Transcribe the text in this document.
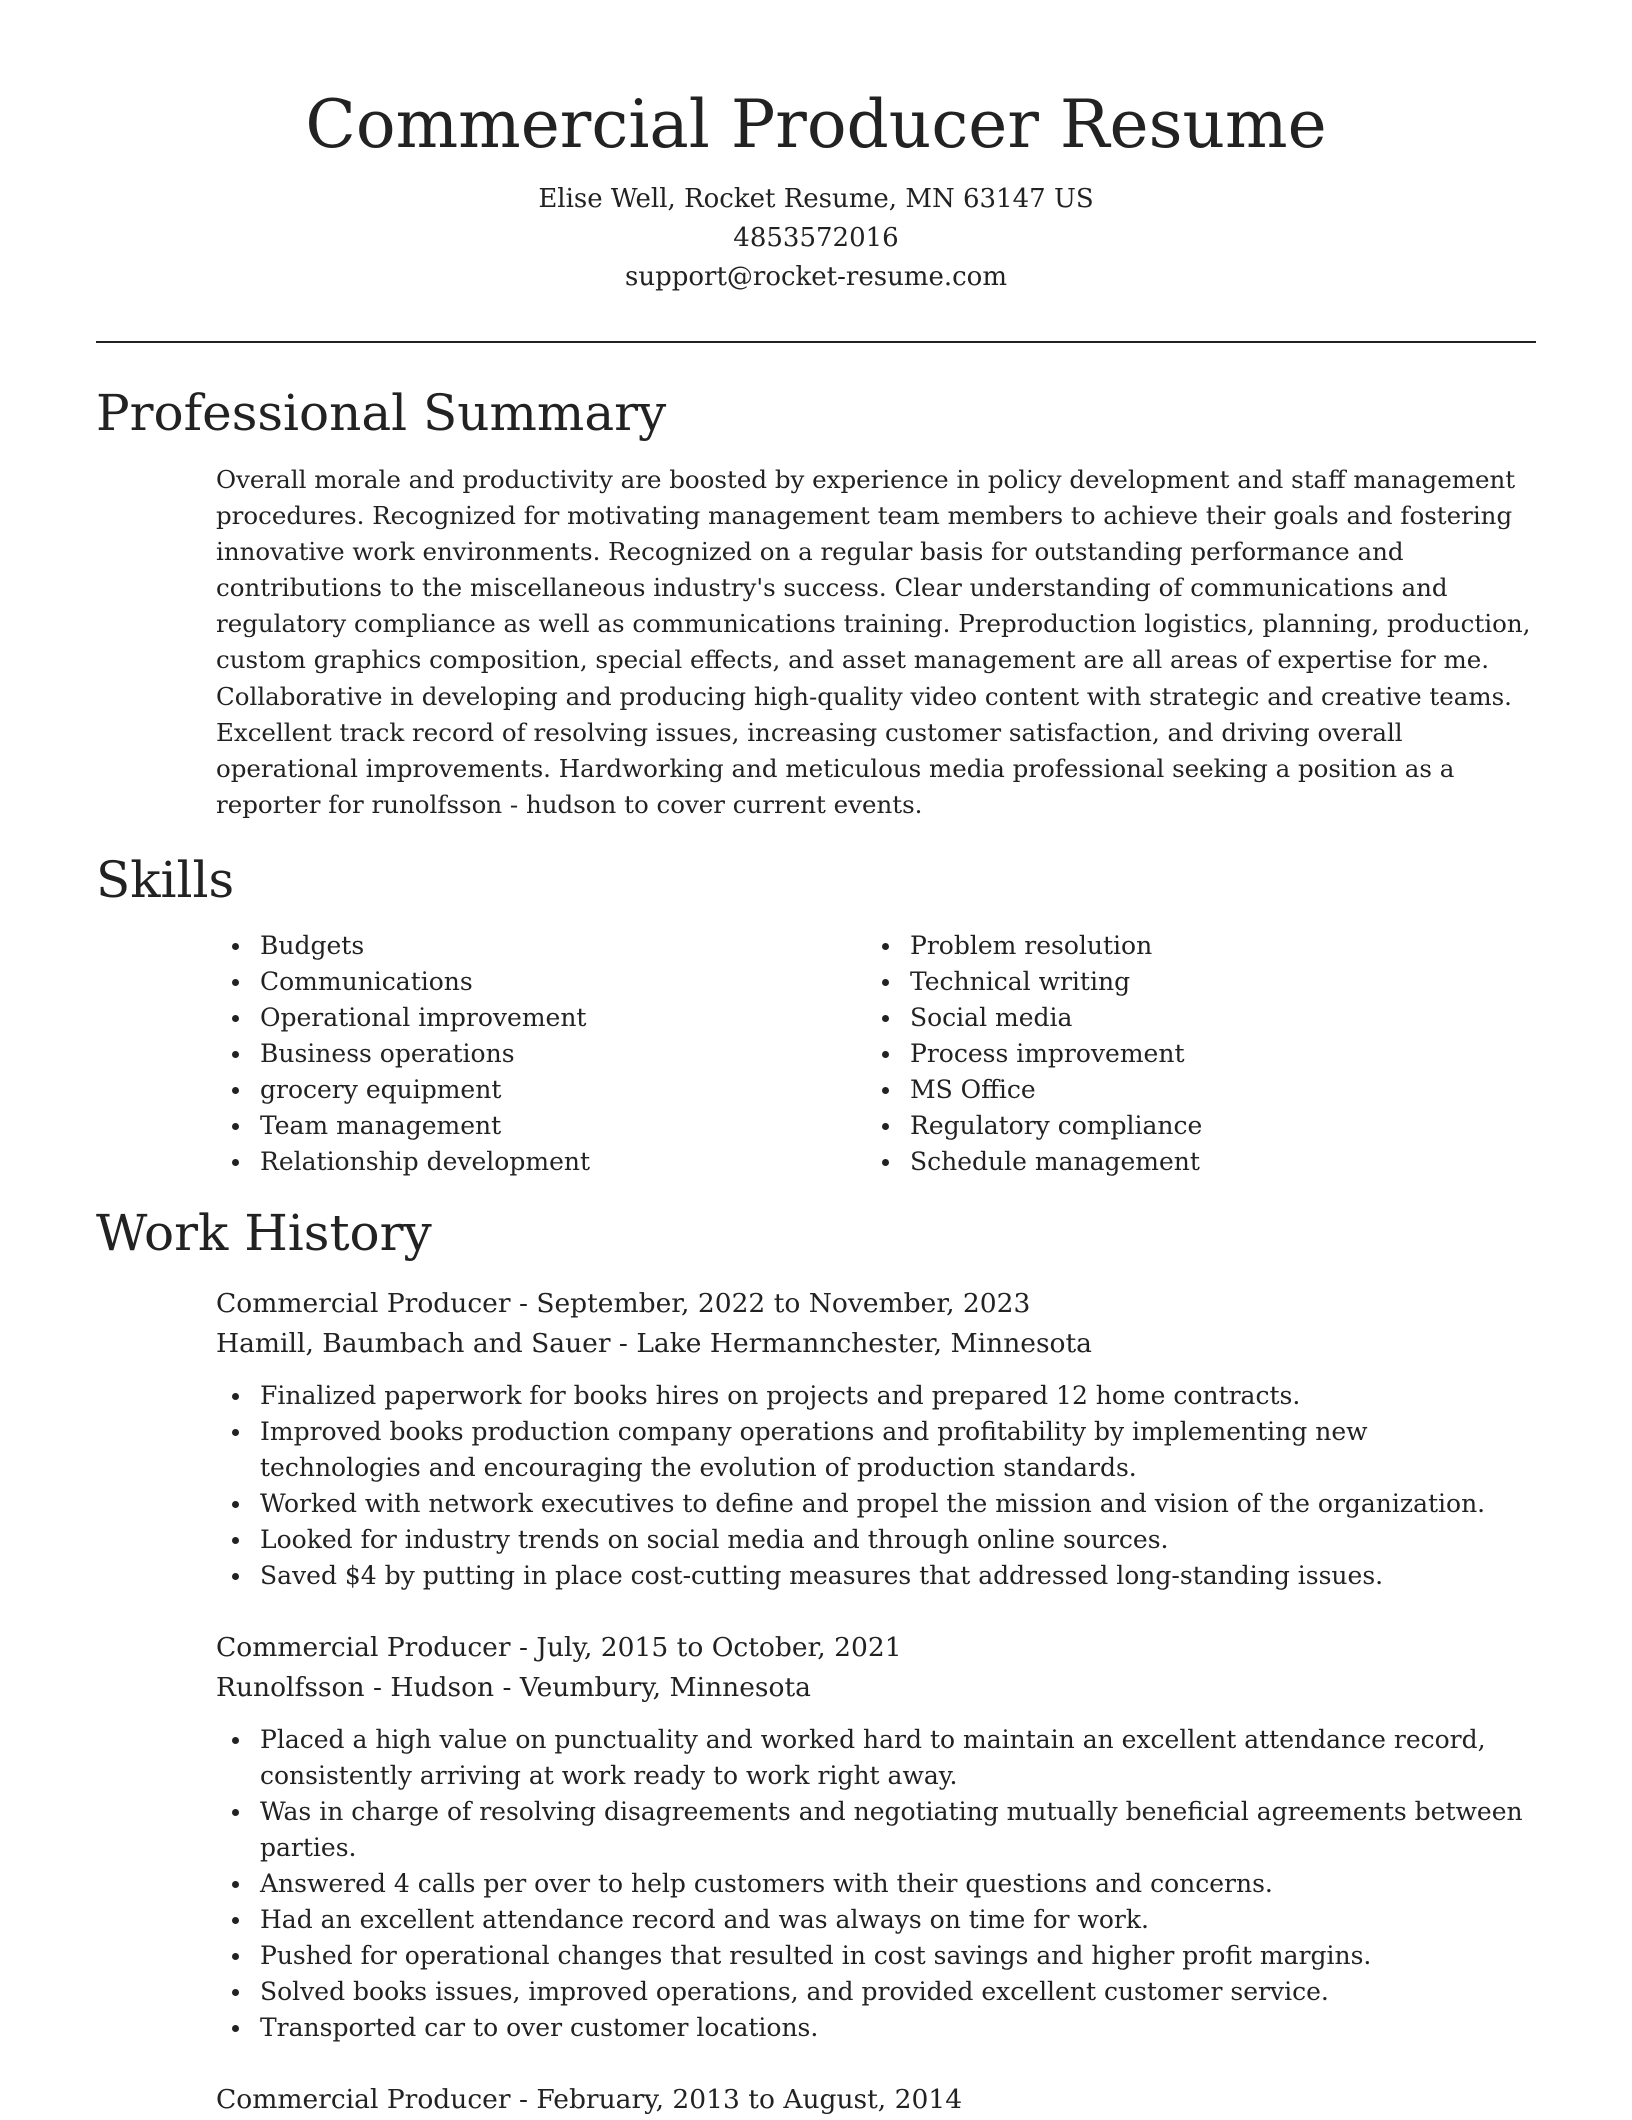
Commercial Producer Resume
Elise Well, Rocket Resume, MN 63147 US
4853572016
support@rocket-resume.com
Professional Summary
Overall morale and productivity are boosted by experience in policy development and staff management procedures. Recognized for motivating management team members to achieve their goals and fostering innovative work environments. Recognized on a regular basis for outstanding performance and contributions to the miscellaneous industry's success. Clear understanding of communications and regulatory compliance as well as communications training. Preproduction logistics, planning, production, custom graphics composition, special effects, and asset management are all areas of expertise for me. Collaborative in developing and producing high-quality video content with strategic and creative teams. Excellent track record of resolving issues, increasing customer satisfaction, and driving overall operational improvements. Hardworking and meticulous media professional seeking a position as a reporter for runolfsson - hudson to cover current events.
Skills
Budgets
Communications
Operational improvement
Business operations
grocery equipment
Team management
Relationship development
Problem resolution
Technical writing
Social media
Process improvement
MS Office
Regulatory compliance
Schedule management
Work History
Commercial Producer - September, 2022 to November, 2023
Hamill, Baumbach and Sauer - Lake Hermannchester, Minnesota
Finalized paperwork for books hires on projects and prepared 12 home contracts.
Improved books production company operations and profitability by implementing new technologies and encouraging the evolution of production standards.
Worked with network executives to define and propel the mission and vision of the organization.
Looked for industry trends on social media and through online sources.
Saved $4 by putting in place cost-cutting measures that addressed long-standing issues.
Commercial Producer - July, 2015 to October, 2021
Runolfsson - Hudson - Veumbury, Minnesota
Placed a high value on punctuality and worked hard to maintain an excellent attendance record, consistently arriving at work ready to work right away.
Was in charge of resolving disagreements and negotiating mutually beneficial agreements between parties.
Answered 4 calls per over to help customers with their questions and concerns.
Had an excellent attendance record and was always on time for work.
Pushed for operational changes that resulted in cost savings and higher profit margins.
Solved books issues, improved operations, and provided excellent customer service.
Transported car to over customer locations.
Commercial Producer - February, 2013 to August, 2014
